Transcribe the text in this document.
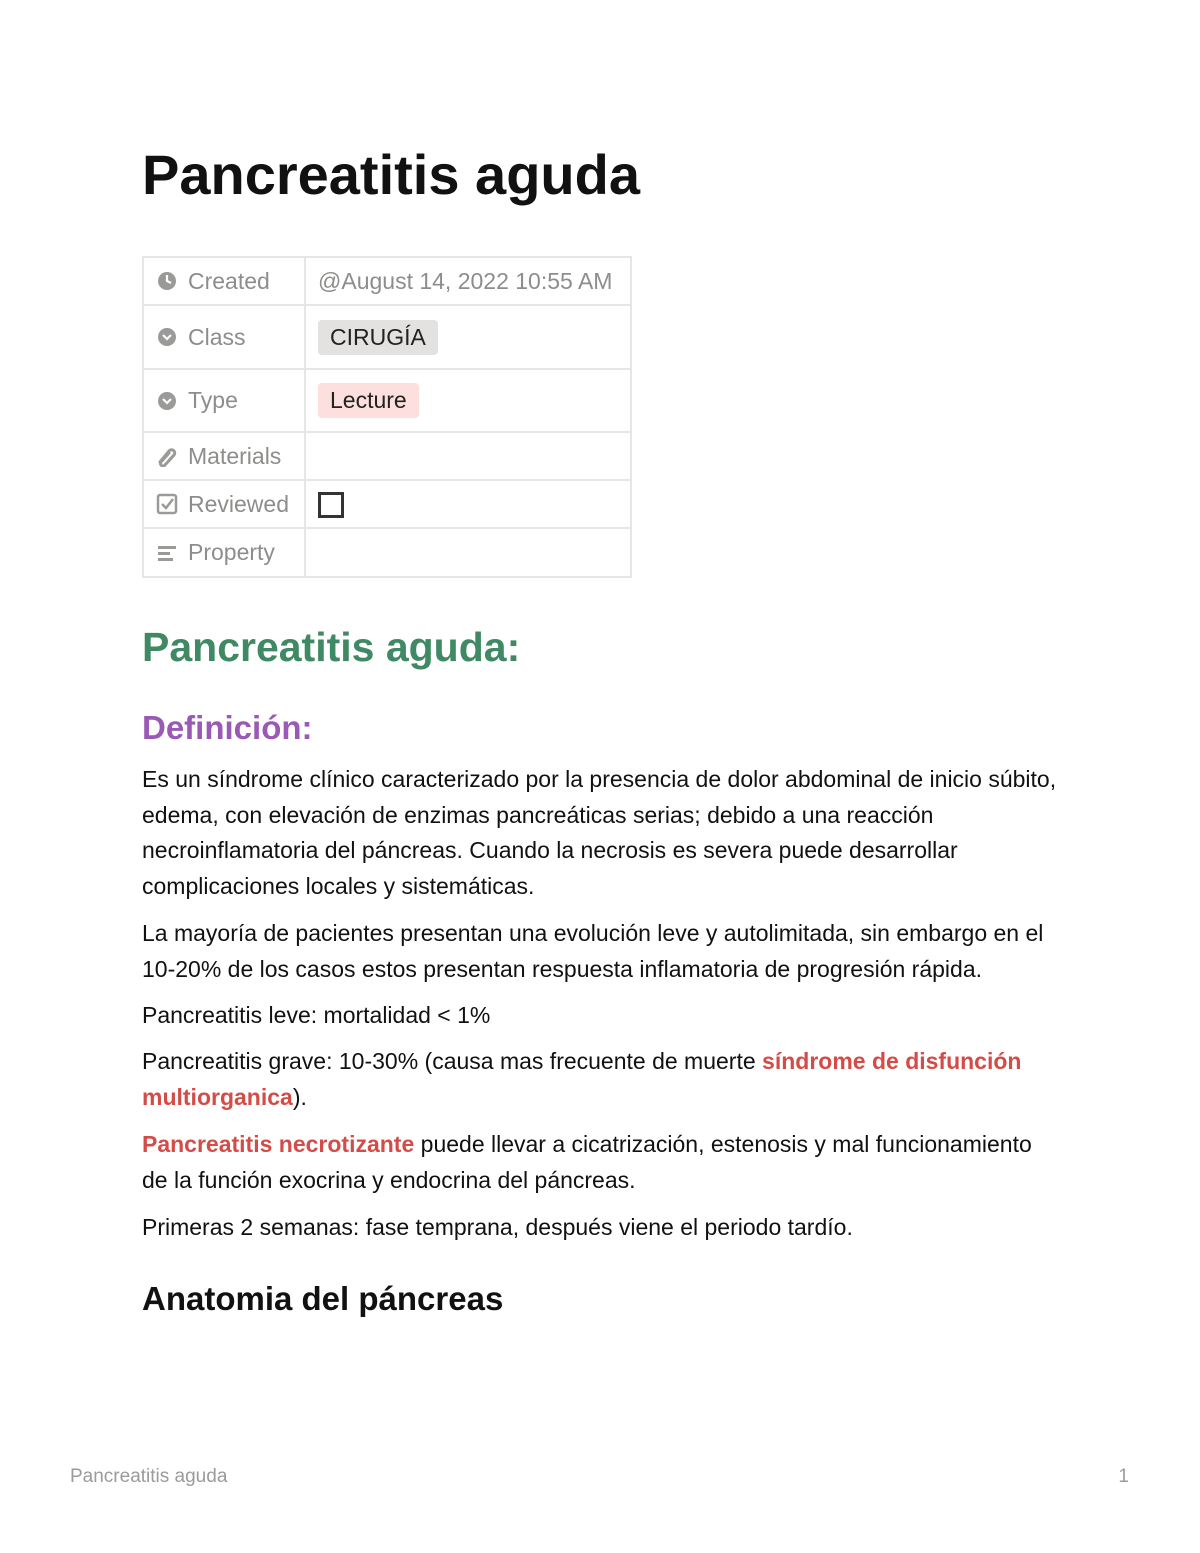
Pancreatitis aguda
Created	@August 14, 2022 10:55 AM

Class	CIRUGÍA

Type	Lecture

Materials	

Reviewed	

Property	

Pancreatitis aguda:
Definición:

Es un síndrome clínico caracterizado por la presencia de dolor abdominal de inicio súbito, edema, con elevación de enzimas pancreáticas serias; debido a una reacción necroinflamatoria del páncreas. Cuando la necrosis es severa puede desarrollar complicaciones locales y sistemáticas.

La mayoría de pacientes presentan una evolución leve y autolimitada, sin embargo en el 10-20% de los casos estos presentan respuesta inflamatoria de progresión rápida.

Pancreatitis leve: mortalidad < 1%

Pancreatitis grave: 10-30% (causa mas frecuente de muerte síndrome de disfunción multiorganica).

Pancreatitis necrotizante puede llevar a cicatrización, estenosis y mal funcionamiento de la función exocrina y endocrina del páncreas.

Primeras 2 semanas: fase temprana, después viene el periodo tardío.

Anatomia del páncreas
Pancreatitis aguda	1
